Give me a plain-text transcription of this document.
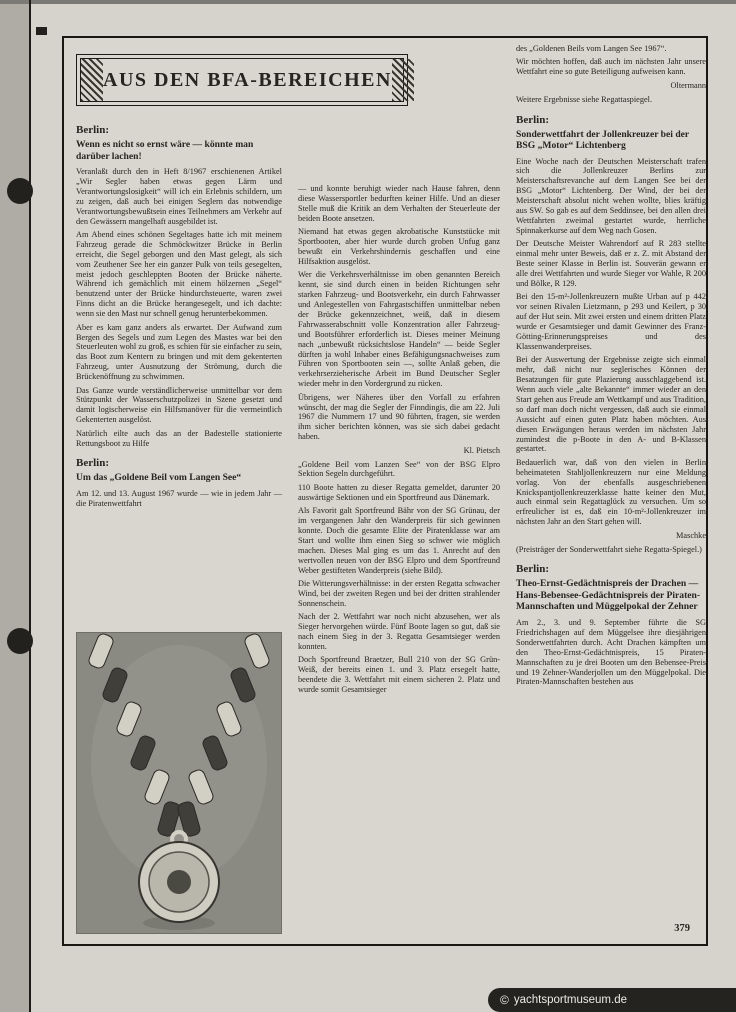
AUS DEN BFA-BEREICHEN
Berlin:
Wenn es nicht so ernst wäre — könnte man darüber lachen!

Veranlaßt durch den in Heft 8/1967 erschienenen Artikel „Wir Segler haben etwas gegen Lärm und Verantwortungslosigkeit“ will ich ein Erlebnis schildern, um zu zeigen, daß auch bei einigen Seglern das notwendige Verantwortungsbewußtsein eines Teilnehmers am Verkehr auf den Gewässern mangelhaft ausgebildet ist.

Am Abend eines schönen Segeltages hatte ich mit meinem Fahrzeug gerade die Schmöckwitzer Brücke in Berlin erreicht, die Segel geborgen und den Mast gelegt, als sich vom Zeuthener See her ein ganzer Pulk von teils gesegelten, meist jedoch geschleppten Booten der Brücke näherte. Während ich gemächlich mit einem hölzernen „Segel“ benutzend unter der Brücke hindurchsteuerte, waren zwei Finns dicht an die Brücke herangesegelt, und ich dachte: wenn sie den Mast nur schnell genug herunterbekommen.

Aber es kam ganz anders als erwartet. Der Aufwand zum Bergen des Segels und zum Legen des Mastes war bei den Steuerleuten wohl zu groß, es schien für sie einfacher zu sein, das Boot zum Kentern zu bringen und mit dem gekenterten Fahrzeug, unter Ausnutzung der Strömung, durch die Brückenöffnung zu schwimmen.

Das Ganze wurde verständlicherweise unmittelbar vor dem Stützpunkt der Wasserschutzpolizei in Szene gesetzt und damit logischerweise ein Hilfsmanöver für die vermeintlich Gekenterten ausgelöst.

Natürlich eilte auch das an der Badestelle stationierte Rettungsboot zu Hilfe

Berlin:
Um das „Goldene Beil vom Langen See“

Am 12. und 13. August 1967 wurde — wie in jedem Jahr — die Piratenwettfahrt

— und konnte beruhigt wieder nach Hause fahren, denn diese Wassersportler bedurften keiner Hilfe. Und an dieser Stelle muß die Kritik an dem Verhalten der Steuerleute der beiden Boote ansetzen.

Niemand hat etwas gegen akrobatische Kunststücke mit Sportbooten, aber hier wurde durch groben Unfug ganz bewußt ein Verkehrshindernis geschaffen und eine Hilfsaktion ausgelöst.

Wer die Verkehrsverhältnisse im oben genannten Bereich kennt, sie sind durch einen in beiden Richtungen sehr starken Fahrzeug- und Bootsverkehr, ein durch Fahrwasser und Anlegestellen von Fahrgastschiffen unmittelbar neben der Brücke gekennzeichnet, weiß, daß in diesem Fahrwasserabschnitt volle Konzentration aller Fahrzeug- und Bootsführer erforderlich ist. Dieses meiner Meinung nach „unbewußt rücksichtslose Handeln“ — beide Segler dürften ja wohl Inhaber eines Befähigungsnachweises zum Führen von Sportbooten sein —, sollte Anlaß geben, die verkehrserzieherische Arbeit im Bund Deutscher Segler wieder mehr in den Vordergrund zu rücken.

Übrigens, wer Näheres über den Vorfall zu erfahren wünscht, der mag die Segler der Finndingis, die am 22. Juli 1967 die Nummern 17 und 90 führten, fragen, sie werden ihm sicher berichten können, was sie sich dabei gedacht haben.

Kl. Pietsch

„Goldene Beil vom Lanzen See“ von der BSG Elpro Sektion Segeln durchgeführt.

110 Boote hatten zu dieser Regatta gemeldet, darunter 20 auswärtige Sektionen und ein Sportfreund aus Dänemark.

Als Favorit galt Sportfreund Bähr von der SG Grünau, der im vergangenen Jahr den Wanderpreis für sich gewinnen konnte. Doch die gesamte Elite der Piratenklasse war am Start und wollte ihm einen Sieg so schwer wie möglich machen. Dieses Mal ging es um das 1. Anrecht auf den wertvollen neuen von der BSG Elpro und dem Sportfreund Weber gestifteten Wanderpreis (siehe Bild).

Die Witterungsverhältnisse: in der ersten Regatta schwacher Wind, bei der zweiten Regen und bei der dritten strahlender Sonnenschein.

Nach der 2. Wettfahrt war noch nicht abzusehen, wer als Sieger hervorgehen würde. Fünf Boote lagen so gut, daß sie nach einem Sieg in der 3. Regatta Gesamtsieger werden konnten.

Doch Sportfreund Braetzer, Bull 210 von der SG Grün-Weiß, der bereits einen 1. und 3. Platz ersegelt hatte, beendete die 3. Wettfahrt mit einem sicheren 2. Platz und wurde somit Gesamtsieger

des „Goldenen Beils vom Langen See 1967“.

Wir möchten hoffen, daß auch im nächsten Jahr unsere Wettfahrt eine so gute Beteiligung aufweisen kann.

Oltermann

Weitere Ergebnisse siehe Regattaspiegel.

Berlin:
Sonderwettfahrt der Jollenkreuzer bei der BSG „Motor“ Lichtenberg

Eine Woche nach der Deutschen Meisterschaft trafen sich die Jollenkreuzer Berlins zur Meisterschaftsrevanche auf dem Langen See bei der BSG „Motor“ Lichtenberg. Der Wind, der bei der Meisterschaft absolut nicht wehen wollte, blies kräftig aus SW. So gab es auf dem Seddinsee, bei den allen drei Wettfahrten zweimal gestartet wurde, herrliche Spinnakerkurse auf dem Weg nach Gosen.

Der Deutsche Meister Wahrendorf auf R 283 stellte einmal mehr unter Beweis, daß er z. Z. mit Abstand der Beste seiner Klasse in Berlin ist. Souverän gewann er alle drei Wettfahrten und wurde Sieger vor Wahle, R 200 und Bölke, R 129.

Bei den 15-m²-Jollenkreuzern mußte Urban auf p 442 vor seinen Rivalen Lietzmann, p 293 und Keilert, p 30 auf der Hut sein. Mit zwei ersten und einem dritten Platz wurde er Gesamtsieger und damit Gewinner des Franz-Götting-Erinnerungspreises und des Klassenwanderpreises.

Bei der Auswertung der Ergebnisse zeigte sich einmal mehr, daß nicht nur seglerisches Können der Besatzungen für gute Plazierung ausschlaggebend ist. Wenn auch viele „alte Bekannte“ immer wieder an den Start gehen aus Freude am Wettkampf und aus Tradition, so darf man doch nicht vergessen, daß auch sie einmal Aussicht auf einen guten Platz haben möchten. Aus diesen Erwägungen heraus werden im nächsten Jahr zumindest die p-Boote in den A- und B-Klassen gestartet.

Bedauerlich war, daß von den vielen in Berlin beheimateten Stahljollenkreuzern nur eine Meldung vorlag. Von der ebenfalls ausgeschriebenen Knickspantjollenkreuzerklasse hatte keiner den Mut, auch einmal sein Regattaglück zu versuchen. Um so erfreulicher ist es, daß ein 10-m²-Jollenkreuzer im nächsten Jahr an den Start gehen will.

Maschke

(Preisträger der Sonderwettfahrt siehe Regatta-Spiegel.)

Berlin:
Theo-Ernst-Gedächtnispreis der Drachen — Hans-Bebensee-Gedächtnispreis der Piraten-Mannschaften und Müggelpokal der Zehner

Am 2., 3. und 9. September führte die SG Friedrichshagen auf dem Müggelsee ihre diesjährigen Sonderwettfahrten durch. Acht Drachen kämpften um den Theo-Ernst-Gedächtnispreis, 15 Piraten-Mannschaften zu je drei Booten um den Bebensee-Preis und 19 Zehner-Wanderjollen um den Müggelpokal. Die Piraten-Mannschaften bestehen aus

379
© yachtsportmuseum.de
